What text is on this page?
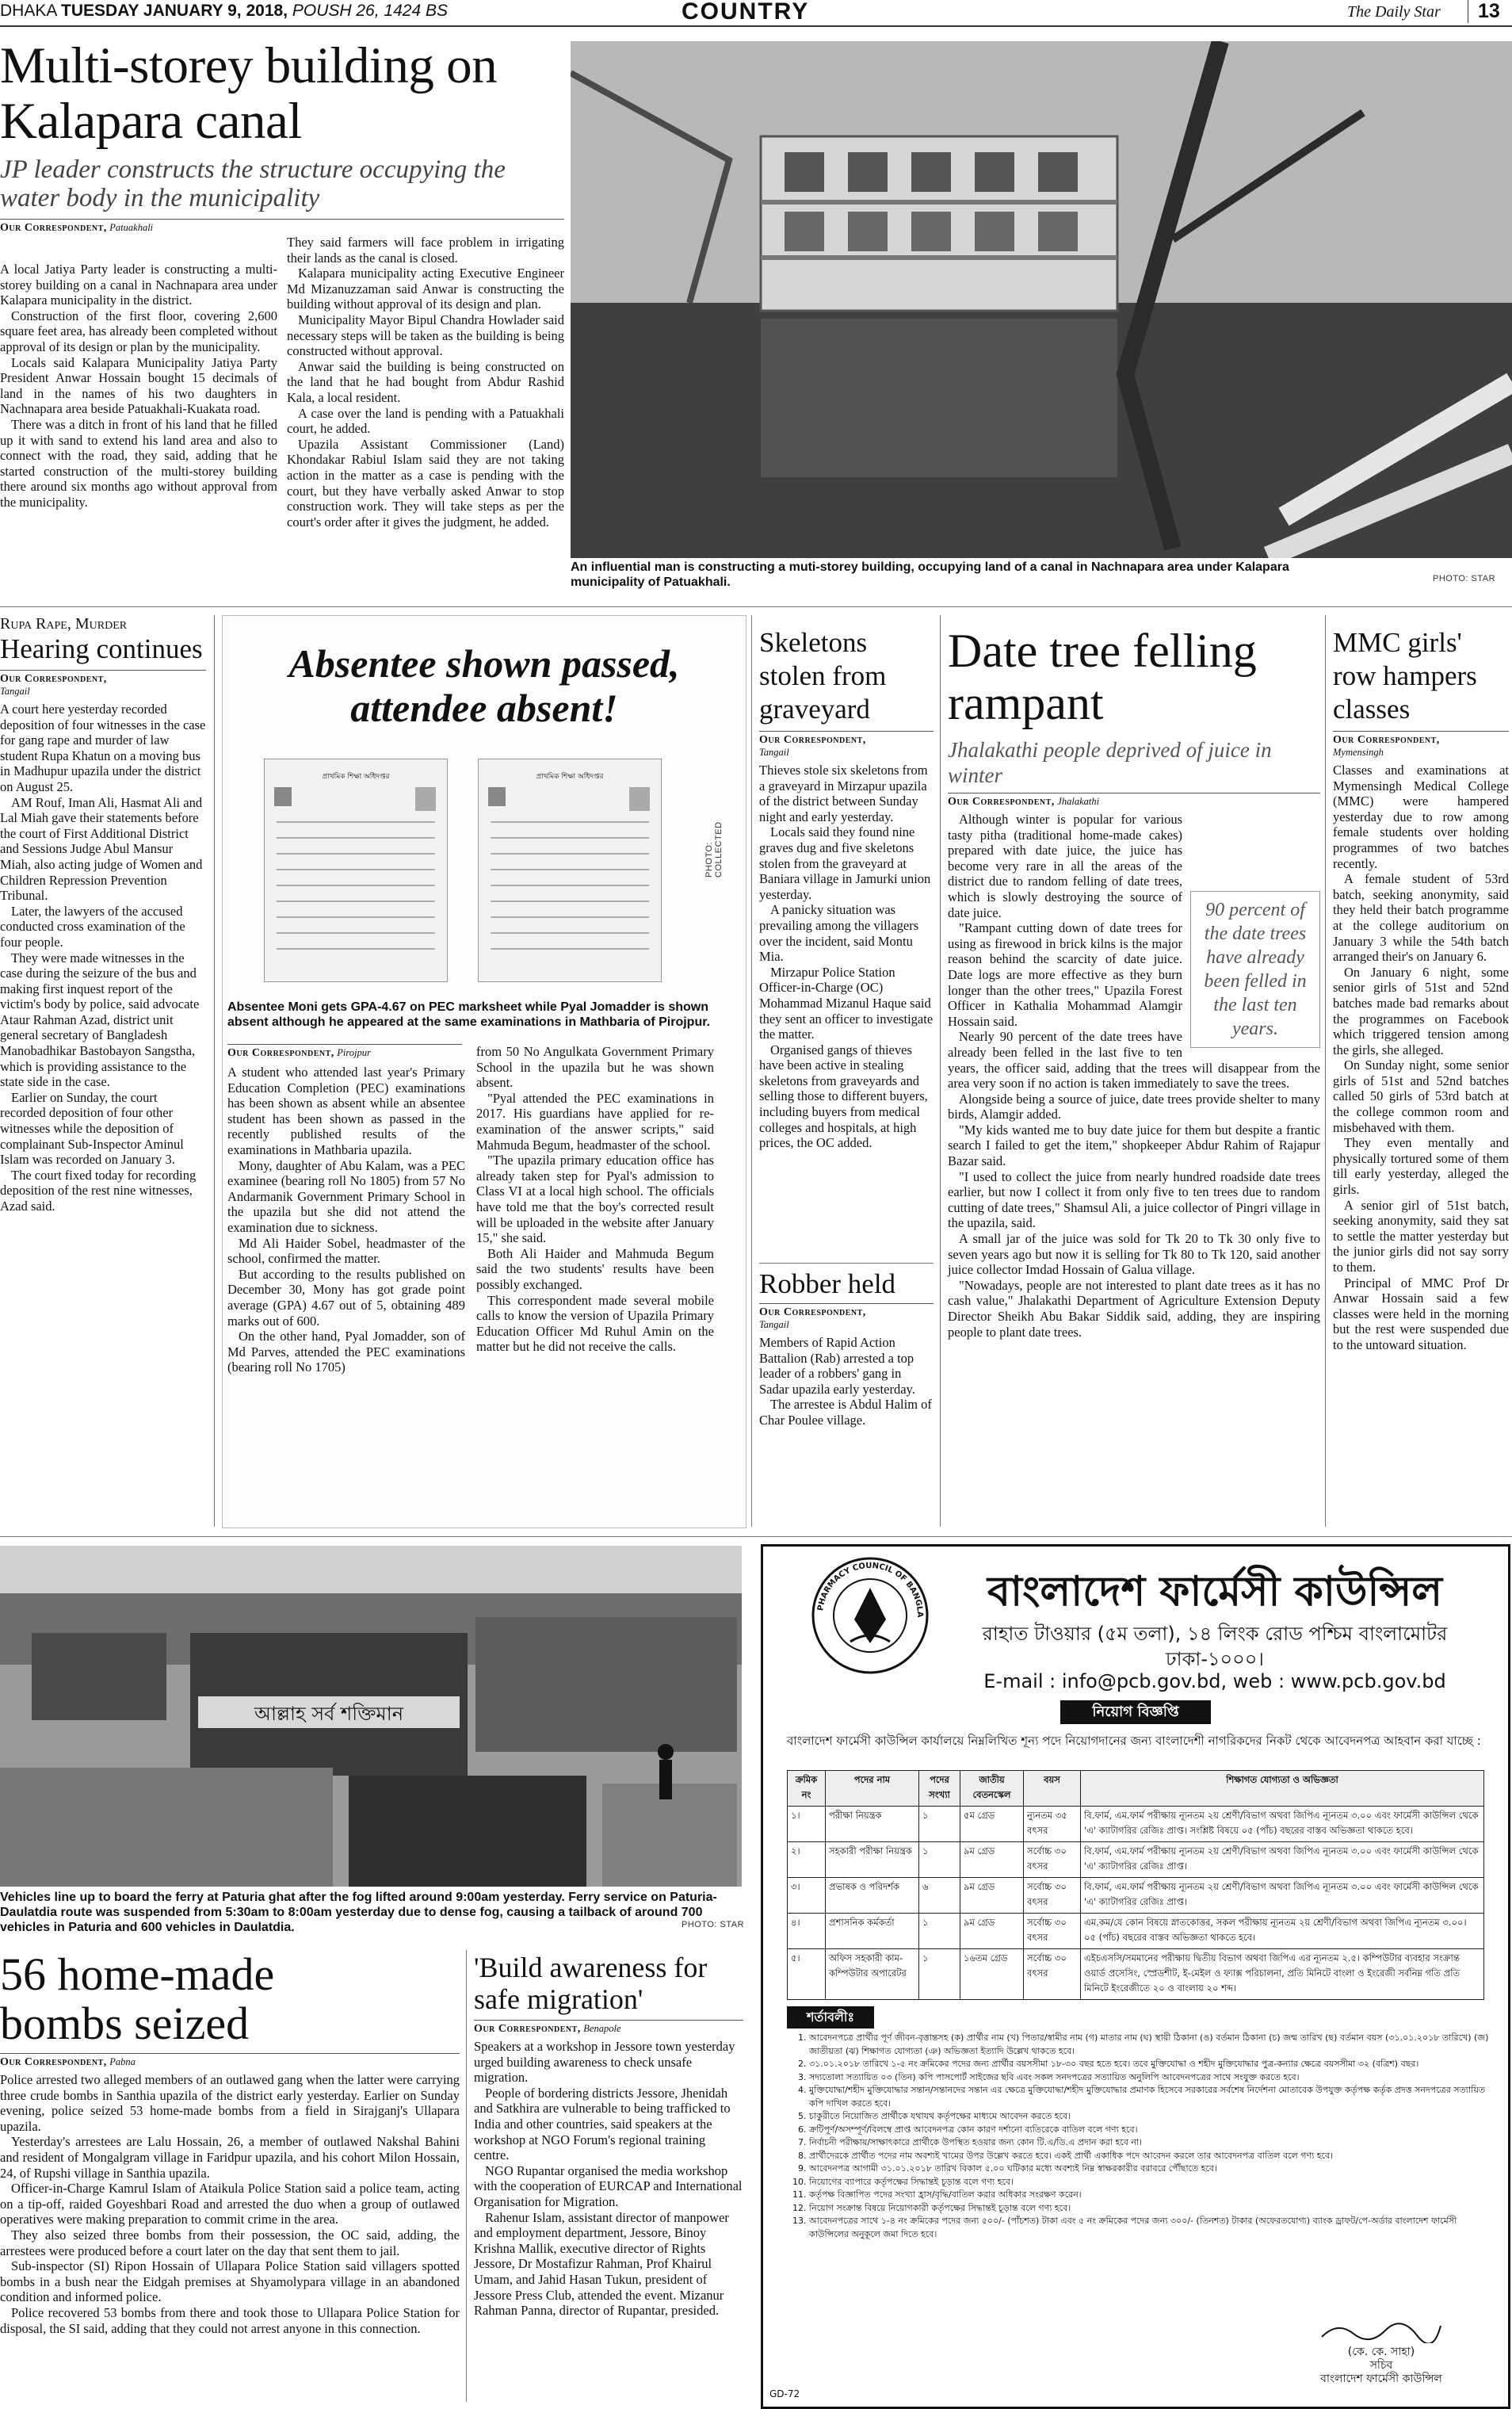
DHAKA TUESDAY JANUARY 9, 2018, POUSH 26, 1424 BS	COUNTRY	The Daily Star	13
Multi-storey building on Kalapara canal
JP leader constructs the structure occupying the water body in the municipality
Our Correspondent, Patuakhali

A local Jatiya Party leader is constructing a multi-storey building on a canal in Nachnapara area under Kalapara municipality in the district.

Construction of the first floor, covering 2,600 square feet area, has already been completed without approval of its design or plan by the municipality.

Locals said Kalapara Municipality Jatiya Party President Anwar Hossain bought 15 decimals of land in the names of his two daughters in Nachnapara area beside Patuakhali-Kuakata road.

There was a ditch in front of his land that he filled up it with sand to extend his land area and also to connect with the road, they said, adding that he started construction of the multi-storey building there around six months ago without approval from the municipality.

They said farmers will face problem in irrigating their lands as the canal is closed.

Kalapara municipality acting Executive Engineer Md Mizanuzzaman said Anwar is constructing the building without approval of its design and plan.

Municipality Mayor Bipul Chandra Howlader said necessary steps will be taken as the building is being constructed without approval.

Anwar said the building is being constructed on the land that he had bought from Abdur Rashid Kala, a local resident.

A case over the land is pending with a Patuakhali court, he added.

Upazila Assistant Commissioner (Land) Khondakar Rabiul Islam said they are not taking action in the matter as a case is pending with the court, but they have verbally asked Anwar to stop construction work. They will take steps as per the court's order after it gives the judgment, he added.

An influential man is constructing a muti-storey building, occupying land of a canal in Nachnapara area under Kalapara municipality of Patuakhali.	PHOTO: STAR
Rupa Rape, Murder
Hearing continues
Our Correspondent,
Tangail

A court here yesterday recorded deposition of four witnesses in the case for gang rape and murder of law student Rupa Khatun on a moving bus in Madhupur upazila under the district on August 25.

AM Rouf, Iman Ali, Hasmat Ali and Lal Miah gave their statements before the court of First Additional District and Sessions Judge Abul Mansur Miah, also acting judge of Women and Children Repression Prevention Tribunal.

Later, the lawyers of the accused conducted cross examination of the four people.

They were made witnesses in the case during the seizure of the bus and making first inquest report of the victim's body by police, said advocate Ataur Rahman Azad, district unit general secretary of Bangladesh Manobadhikar Bastobayon Sangstha, which is providing assistance to the state side in the case.

Earlier on Sunday, the court recorded deposition of four other witnesses while the deposition of complainant Sub-Inspector Aminul Islam was recorded on January 3.

The court fixed today for recording deposition of the rest nine witnesses, Azad said.

Absentee shown passed,
attendee absent!
প্রাথমিক শিক্ষা অধিদপ্তর	প্রাথমিক শিক্ষা অধিদপ্তর
PHOTO: COLLECTED
Absentee Moni gets GPA-4.67 on PEC marksheet while Pyal Jomadder is shown absent although he appeared at the same examinations in Mathbaria of Pirojpur.
Our Correspondent, Pirojpur

A student who attended last year's Primary Education Completion (PEC) examinations has been shown as absent while an absentee student has been shown as passed in the recently published results of the examinations in Mathbaria upazila.

Mony, daughter of Abu Kalam, was a PEC examinee (bearing roll No 1805) from 57 No Andarmanik Government Primary School in the upazila but she did not attend the examination due to sickness.

Md Ali Haider Sobel, headmaster of the school, confirmed the matter.

But according to the results published on December 30, Mony has got grade point average (GPA) 4.67 out of 5, obtaining 489 marks out of 600.

On the other hand, Pyal Jomadder, son of Md Parves, attended the PEC examinations (bearing roll No 1705)

from 50 No Angulkata Government Primary School in the upazila but he was shown absent.

"Pyal attended the PEC examinations in 2017. His guardians have applied for re-examination of the answer scripts," said Mahmuda Begum, headmaster of the school.

"The upazila primary education office has already taken step for Pyal's admission to Class VI at a local high school. The officials have told me that the boy's corrected result will be uploaded in the website after January 15," she said.

Both Ali Haider and Mahmuda Begum said the two students' results have been possibly exchanged.

This correspondent made several mobile calls to know the version of Upazila Primary Education Officer Md Ruhul Amin on the matter but he did not receive the calls.

Skeletons stolen from graveyard
Our Correspondent,
Tangail

Thieves stole six skeletons from a graveyard in Mirzapur upazila of the district between Sunday night and early yesterday.

Locals said they found nine graves dug and five skeletons stolen from the graveyard at Baniara village in Jamurki union yesterday.

A panicky situation was prevailing among the villagers over the incident, said Montu Mia.

Mirzapur Police Station Officer-in-Charge (OC) Mohammad Mizanul Haque said they sent an officer to investigate the matter.

Organised gangs of thieves have been active in stealing skeletons from graveyards and selling those to different buyers, including buyers from medical colleges and hospitals, at high prices, the OC added.

Robber held
Our Correspondent,
Tangail

Members of Rapid Action Battalion (Rab) arrested a top leader of a robbers' gang in Sadar upazila early yesterday.

The arrestee is Abdul Halim of Char Poulee village.

Date tree felling rampant
Jhalakathi people deprived of juice in winter
Our Correspondent, Jhalakathi
90 percent of the date trees have already been felled in the last ten years.

Although winter is popular for various tasty pitha (traditional home-made cakes) prepared with date juice, the juice has become very rare in all the areas of the district due to random felling of date trees, which is slowly destroying the source of date juice.

"Rampant cutting down of date trees for using as firewood in brick kilns is the major reason behind the scarcity of date juice. Date logs are more effective as they burn longer than the other trees," Upazila Forest Officer in Kathalia Mohammad Alamgir Hossain said.

Nearly 90 percent of the date trees have already been felled in the last five to ten years, the officer said, adding that the trees will disappear from the area very soon if no action is taken immediately to save the trees.

Alongside being a source of juice, date trees provide shelter to many birds, Alamgir added.

"My kids wanted me to buy date juice for them but despite a frantic search I failed to get the item," shopkeeper Abdur Rahim of Rajapur Bazar said.

"I used to collect the juice from nearly hundred roadside date trees earlier, but now I collect it from only five to ten trees due to random cutting of date trees," Shamsul Ali, a juice collector of Pingri village in the upazila, said.

A small jar of the juice was sold for Tk 20 to Tk 30 only five to seven years ago but now it is selling for Tk 80 to Tk 120, said another juice collector Imdad Hossain of Galua village.

"Nowadays, people are not interested to plant date trees as it has no cash value," Jhalakathi Department of Agriculture Extension Deputy Director Sheikh Abu Bakar Siddik said, adding, they are inspiring people to plant date trees.

MMC girls' row hampers classes
Our Correspondent,
Mymensingh

Classes and examinations at Mymensingh Medical College (MMC) were hampered yesterday due to row among female students over holding programmes of two batches recently.

A female student of 53rd batch, seeking anonymity, said they held their batch programme at the college auditorium on January 3 while the 54th batch arranged their's on January 6.

On January 6 night, some senior girls of 51st and 52nd batches made bad remarks about the programmes on Facebook which triggered tension among the girls, she alleged.

On Sunday night, some senior girls of 51st and 52nd batches called 50 girls of 53rd batch at the college common room and misbehaved with them.

They even mentally and physically tortured some of them till early yesterday, alleged the girls.

A senior girl of 51st batch, seeking anonymity, said they sat to settle the matter yesterday but the junior girls did not say sorry to them.

Principal of MMC Prof Dr Anwar Hossain said a few classes were held in the morning but the rest were suspended due to the untoward situation.

আল্লাহ সর্ব শক্তিমান
Vehicles line up to board the ferry at Paturia ghat after the fog lifted around 9:00am yesterday. Ferry service on Paturia-Daulatdia route was suspended from 5:30am to 8:00am yesterday due to dense fog, causing a tailback of around 700 vehicles in Paturia and 600 vehicles in Daulatdia.	PHOTO: STAR
56 home-made bombs seized
Our Correspondent, Pabna

Police arrested two alleged members of an outlawed gang when the latter were carrying three crude bombs in Santhia upazila of the district early yesterday. Earlier on Sunday evening, police seized 53 home-made bombs from a field in Sirajganj's Ullapara upazila.

Yesterday's arrestees are Lalu Hossain, 26, a member of outlawed Nakshal Bahini and resident of Mongalgram village in Faridpur upazila, and his cohort Milon Hossain, 24, of Rupshi village in Santhia upazila.

Officer-in-Charge Kamrul Islam of Ataikula Police Station said a police team, acting on a tip-off, raided Goyeshbari Road and arrested the duo when a group of outlawed operatives were making preparation to commit crime in the area.

They also seized three bombs from their possession, the OC said, adding, the arrestees were produced before a court later on the day that sent them to jail.

Sub-inspector (SI) Ripon Hossain of Ullapara Police Station said villagers spotted bombs in a bush near the Eidgah premises at Shyamolypara village in an abandoned condition and informed police.

Police recovered 53 bombs from there and took those to Ullapara Police Station for disposal, the SI said, adding that they could not arrest anyone in this connection.

'Build awareness for safe migration'
Our Correspondent, Benapole

Speakers at a workshop in Jessore town yesterday urged building awareness to check unsafe migration.

People of bordering districts Jessore, Jhenidah and Satkhira are vulnerable to being trafficked to India and other countries, said speakers at the workshop at NGO Forum's regional training centre.

NGO Rupantar organised the media workshop with the cooperation of EURCAP and International Organisation for Migration.

Rahenur Islam, assistant director of manpower and employment department, Jessore, Binoy Krishna Mallik, executive director of Rights Jessore, Dr Mostafizur Rahman, Prof Khairul Umam, and Jahid Hasan Tukun, president of Jessore Press Club, attended the event. Mizanur Rahman Panna, director of Rupantar, presided.

PHARMACY COUNCIL OF BANGLA	বাংলাদেশ ফার্মেসী কাউন্সিল
রাহাত টাওয়ার (৫ম তলা), ১৪ লিংক রোড পশ্চিম বাংলামোটর
ঢাকা-১০০০।
E-mail : info@pcb.gov.bd, web : www.pcb.gov.bd
নিয়োগ বিজ্ঞপ্তি
বাংলাদেশ ফার্মেসী কাউন্সিল কার্যালয়ে নিম্নলিখিত শূন্য পদে নিয়োগদানের জন্য বাংলাদেশী নাগরিকদের নিকট থেকে আবেদনপত্র আহবান করা যাচ্ছে :
ক্রমিক নং	পদের নাম	পদের সংখ্যা	জাতীয় বেতনস্কেল	বয়স	শিক্ষাগত যোগ্যতা ও অভিজ্ঞতা
১।	পরীক্ষা নিয়ন্ত্রক	১	৫ম গ্রেড	ন্যুনতম ৩৫ বৎসর	বি.ফার্ম, এম.ফার্ম পরীক্ষায় ন্যূনতম ২য় শ্রেণী/বিভাগ অথবা জিপিএ ন্যূনতম ৩.০০ এবং ফার্মেসী কাউন্সিল থেকে 'এ' ক্যাটাগরির রেজিঃ প্রাপ্ত। সংশ্লিষ্ট বিষয়ে ০৫ (পাঁচ) বছরের বাস্তব অভিজ্ঞতা থাকতে হবে।
২।	সহকারী পরীক্ষা নিয়ন্ত্রক	১	৯ম গ্রেড	সর্বোচ্চ ৩০ বৎসর	বি.ফার্ম, এম.ফার্ম পরীক্ষায় ন্যূনতম ২য় শ্রেণী/বিভাগ অথবা জিপিএ ন্যূনতম ৩.০০ এবং ফার্মেসী কাউন্সিল থেকে 'এ' ক্যাটাগরির রেজিঃ প্রাপ্ত।
৩।	প্রভাষক ও পরিদর্শক	৬	৯ম গ্রেড	সর্বোচ্চ ৩০ বৎসর	বি.ফার্ম, এম.ফার্ম পরীক্ষায় ন্যূনতম ২য় শ্রেণী/বিভাগ অথবা জিপিএ ন্যূনতম ৩.০০ এবং ফার্মেসী কাউন্সিল থেকে 'এ' ক্যাটাগরির রেজিঃ প্রাপ্ত।
৪।	প্রশাসনিক কর্মকর্তা	১	৯ম গ্রেড	সর্বোচ্চ ৩০ বৎসর	এম.কম/যে কোন বিষয়ে স্নাতকোত্তর, সকল পরীক্ষায় ন্যূনতম ২য় শ্রেণী/বিভাগ অথবা জিপিএ ন্যূনতম ৩.০০। ০৫ (পাঁচ) বছরের বাস্তব অভিজ্ঞতা থাকতে হবে।
৫।	অফিস সহকারী কাম-কম্পিউটার অপারেটর	১	১৬তম গ্রেড	সর্বোচ্চ ৩০ বৎসর	এইচএসসি/সমমানের পরীক্ষায় দ্বিতীয় বিভাগ অথবা জিপিএ এর ন্যূনতম ২.৫। কম্পিউটার ব্যবহার সংক্রান্ত ওয়ার্ড প্রসেসিং, স্প্রেডশীট, ই-মেইল ও ফ্যাক্স পরিচালনা, প্রতি মিনিটে বাংলা ও ইংরেজী সর্বনিম্ন গতি প্রতি মিনিটে ইংরেজীতে ২০ ও বাংলায় ২০ শব্দ।
শর্তাবলীঃ
1. আবেদনপত্রে প্রার্থীর পূর্ণ জীবন-বৃত্তান্তসহ (ক) প্রার্থীর নাম (খ) পিতার/স্বামীর নাম (গ) মাতার নাম (ঘ) স্থায়ী ঠিকানা (ঙ) বর্তমান ঠিকানা (চ) জন্ম তারিখ (ছ) বর্তমান বয়স (৩১.০১.২০১৮ তারিখে) (জ) জাতীয়তা (ঝ) শিক্ষাগত যোগ্যতা (ঞ) অভিজ্ঞতা ইত্যাদি উল্লেখ থাকতে হবে।
2. ৩১.০১.২০১৮ তারিখে ১-৫ নং ক্রমিকের পদের জন্য প্রার্থীর বয়সসীমা ১৮-৩০ বছর হতে হবে। তবে মুক্তিযোদ্ধা ও শহীদ মুক্তিযোদ্ধার পুত্র-কন্যার ক্ষেত্রে বয়সসীমা ৩২ (বত্রিশ) বছর।
3. সদ্যতোলা সত্যায়িত ০৩ (তিন) কপি পাসপোর্ট সাইজের ছবি এবং সকল সনদপত্রের সত্যায়িত অনুলিপি আবেদনপত্রের সাথে সংযুক্ত করতে হবে।
4. মুক্তিযোদ্ধা/শহীদ মুক্তিযোদ্ধার সন্তান/সন্তানদের সন্তান এর ক্ষেত্রে মুক্তিযোদ্ধা/শহীদ মুক্তিযোদ্ধার প্রমাণক হিসেবে সরকারের সর্বশেষ নির্দেশনা মোতাবেক উপযুক্ত কর্তৃপক্ষ কর্তৃক প্রদত্ত সনদপত্রের সত্যায়িত কপি দাখিল করতে হবে।
5. চাকুরীতে নিয়োজিত প্রার্থীকে যথাযথ কর্তৃপক্ষের মাধ্যমে আবেদন করতে হবে।
6. ক্রটিপূর্ণ/অসম্পূর্ণ/বিলম্বে প্রাপ্ত আবেদনপত্র কোন কারণ দর্শানো ব্যতিরেকে বাতিল বলে গণ্য হবে।
7. নির্বাচনী পরীক্ষায়/সাক্ষাৎকারে প্রার্থীকে উপস্থিত হওয়ার জন্য কোন টি.এ/ডি.এ প্রদান করা হবে না।
8. প্রার্থীদেরকে প্রার্থীত পদের নাম অবশ্যই খামের উপর উল্লেখ করতে হবে। একই প্রার্থী একাধিক পদে আবেদন করলে তার আবেদনপত্র বাতিল বলে গণ্য হবে।
9. আবেদনপত্র আগামী ৩১.০১.২০১৮ তারিখ বিকাল ৫.০০ ঘটিকার মধ্যে অবশ্যই নিম্ন স্বাক্ষরকারীর বরাবরে পৌঁছাতে হবে।
10. নিয়োগের ব্যাপারে কর্তৃপক্ষের সিদ্ধান্তই চূড়ান্ত বলে গণ্য হবে।
11. কর্তৃপক্ষ বিজ্ঞাপিত পদের সংখ্যা হ্রাস/বৃদ্ধি/বাতিল করার অধিকার সংরক্ষণ করেন।
12. নিয়োগ সংক্রান্ত বিষয়ে নিয়োগকারী কর্তৃপক্ষের সিদ্ধান্তই চূড়ান্ত বলে গণ্য হবে।
13. আবেদনপত্রের সাথে ১-৪ নং ক্রমিকের পদের জন্য ৫০০/- (পাঁচশত) টাকা এবং ৫ নং ক্রমিকের পদের জন্য ৩০০/- (তিনশত) টাকার (অফেরতযোগ্য) ব্যাংক ড্রাফট/পে-অর্ডার বাংলাদেশ ফার্মেসী কাউন্সিলের অনুকূলে জমা দিতে হবে।
(কে. কে. সাহা)
সচিব
বাংলাদেশ ফার্মেসী কাউন্সিল
GD-72
